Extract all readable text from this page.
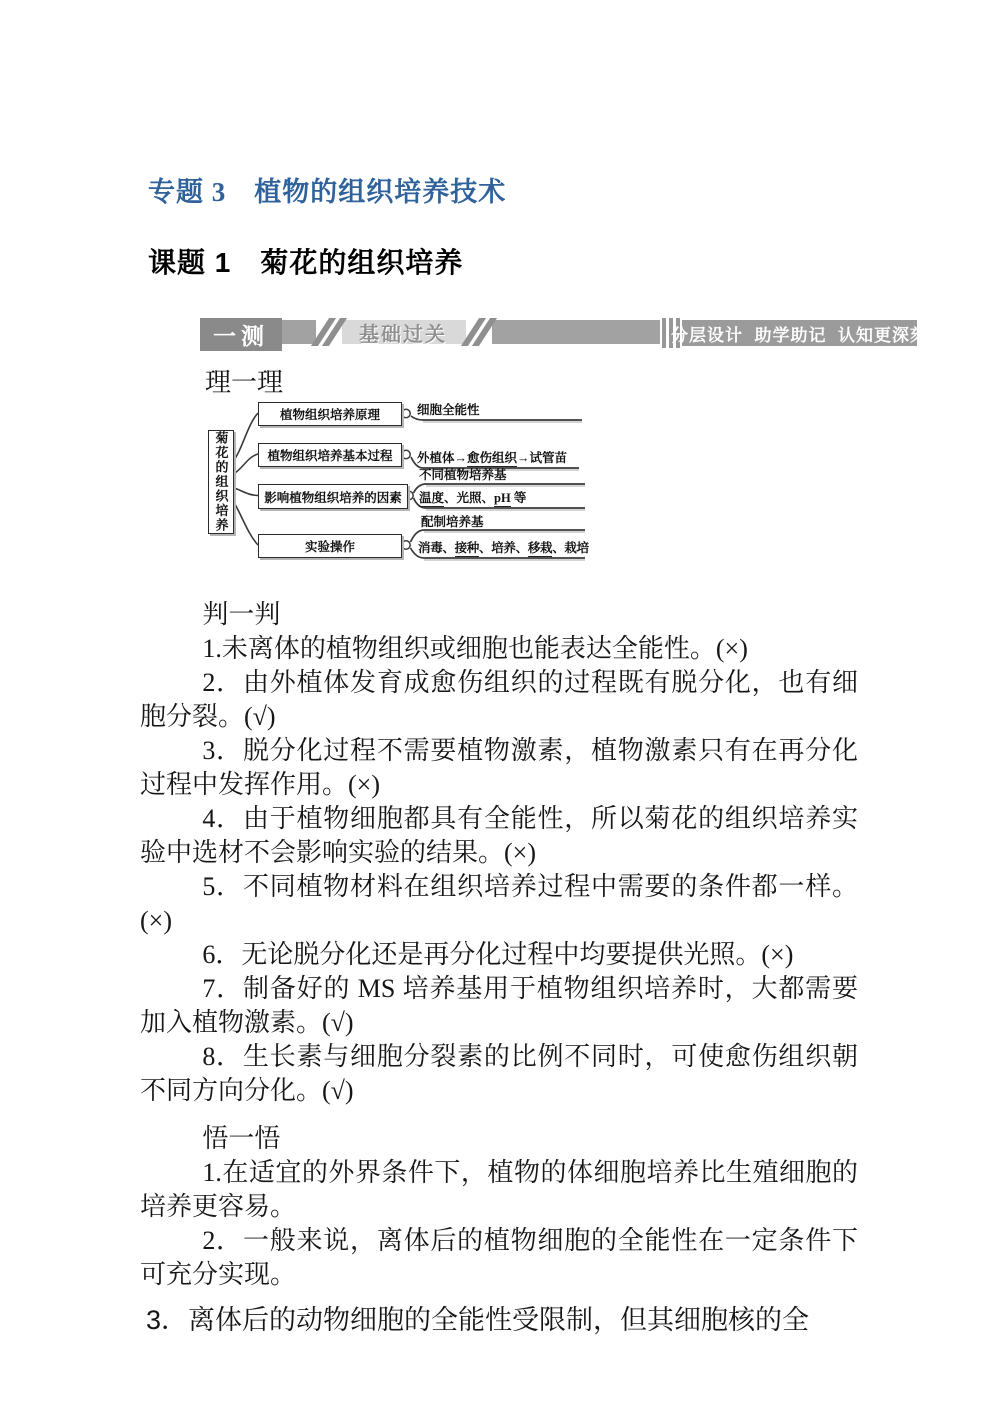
专题 3　植物的组织培养技术
课题 1　菊花的组织培养
一测	基础过关	分层设计  助学助记  认知更深刻

理一理

菊花的组织培养
植物组织培养原理
植物组织培养基本过程
影响植物组织培养的因素
实验操作
细胞全能性
外植体→愈伤组织→试管苗
不同植物培养基
温度、光照、pH 等
配制培养基
消毒、接种、培养、移栽、栽培

判一判

1.未离体的植物组织或细胞也能表达全能性。(×)

2．由外植体发育成愈伤组织的过程既有脱分化，也有细胞分裂。(√)

3．脱分化过程不需要植物激素，植物激素只有在再分化过程中发挥作用。(×)

4．由于植物细胞都具有全能性，所以菊花的组织培养实验中选材不会影响实验的结果。(×)

5．不同植物材料在组织培养过程中需要的条件都一样。(×)

6．无论脱分化还是再分化过程中均要提供光照。(×)

7．制备好的 MS 培养基用于植物组织培养时，大都需要加入植物激素。(√)

8．生长素与细胞分裂素的比例不同时，可使愈伤组织朝不同方向分化。(√)

悟一悟

1.在适宜的外界条件下，植物的体细胞培养比生殖细胞的培养更容易。

2．一般来说，离体后的植物细胞的全能性在一定条件下可充分实现。

3．离体后的动物细胞的全能性受限制，但其细胞核的全
